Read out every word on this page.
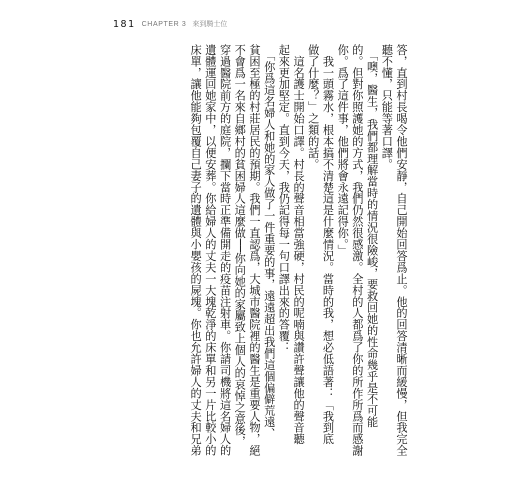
181 CHAPTER 3 來到騎士位
答，直到村長喝令他們安靜，自己開始回答爲止。他的回答清晰而緩慢，但我完全
聽不懂，只能等著口譯。
　「噢，醫生，我們都理解當時的情況很險峻，要救回她的性命幾乎是不可能
的。但對你照護她的方式，我們仍然很感激。全村的人都爲了你的所作所爲而感謝
你。爲了這件事，他們將會永遠記得你。」
　我一頭霧水，根本搞不清楚這是什麼情況。當時的我，想必低語著：「我到底
做了什麼？」之類的話。
　這名護士開始口譯。村長的聲音相當強硬，村民的呢喃與讚許聲讓他的聲音聽
起來更加堅定。直到今天，我仍記得每一句口譯出來的答覆：
　「你爲這名婦人和她的家人做了一件重要的事，遠遠超出我們這個偏僻荒遠、
貧困至極的村莊居民的預期。我們一直認爲，大城市醫院裡的醫生是重要人物，絕
不會爲一名來自鄉村的貧困婦人這麼做──你向她的家屬致上個人的哀悼之意後，
穿過醫院前方的庭院，攔下當時正準備開走的疫苗注射車。你請司機將這名婦人的
遺體運回她家中，以便安葬。你給婦人的丈夫一大塊乾淨的床單和另一片比較小的
床單，讓他能夠包覆自己妻子的遺體與小嬰孩的屍塊。你也允許婦人的丈夫和兄弟
